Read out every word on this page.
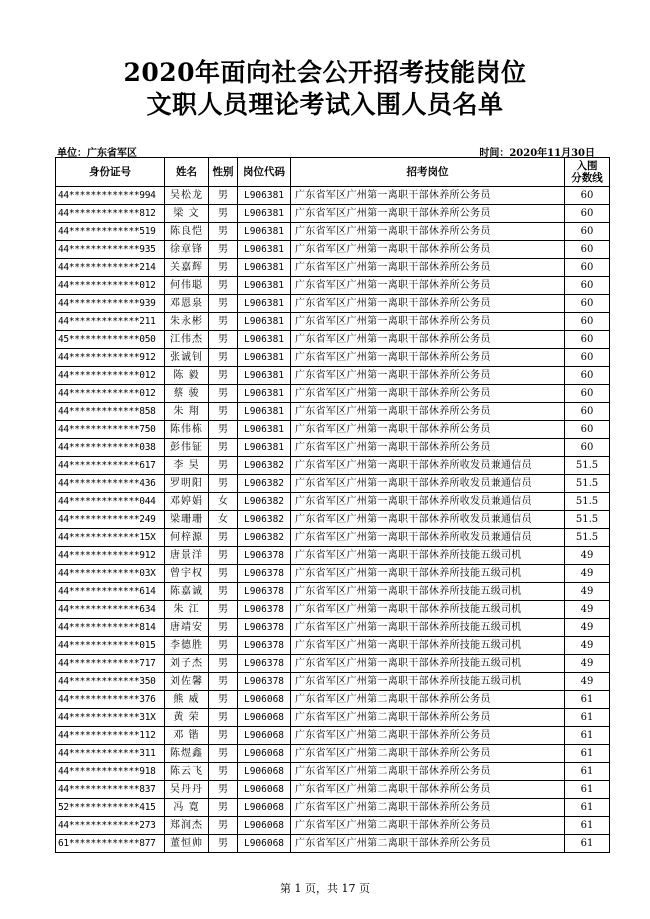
2020年面向社会公开招考技能岗位
文职人员理论考试入围人员名单
单位：广东省军区	时间：2020年11月30日
身份证号	姓名	性别	岗位代码	招考岗位	入围
分数线

44*************994	吴松龙	男	L906381	广东省军区广州第一离职干部休养所公务员	60
44*************812	梁 文	男	L906381	广东省军区广州第一离职干部休养所公务员	60
44*************519	陈良恺	男	L906381	广东省军区广州第一离职干部休养所公务员	60
44*************935	徐章锋	男	L906381	广东省军区广州第一离职干部休养所公务员	60
44*************214	关嘉辉	男	L906381	广东省军区广州第一离职干部休养所公务员	60
44*************012	何伟聪	男	L906381	广东省军区广州第一离职干部休养所公务员	60
44*************939	邓恩泉	男	L906381	广东省军区广州第一离职干部休养所公务员	60
44*************211	朱永彬	男	L906381	广东省军区广州第一离职干部休养所公务员	60
45*************050	江伟杰	男	L906381	广东省军区广州第一离职干部休养所公务员	60
44*************912	张诚钊	男	L906381	广东省军区广州第一离职干部休养所公务员	60
44*************012	陈 毅	男	L906381	广东省军区广州第一离职干部休养所公务员	60
44*************012	蔡 骏	男	L906381	广东省军区广州第一离职干部休养所公务员	60
44*************858	朱 翔	男	L906381	广东省军区广州第一离职干部休养所公务员	60
44*************750	陈伟栋	男	L906381	广东省军区广州第一离职干部休养所公务员	60
44*************038	彭伟钲	男	L906381	广东省军区广州第一离职干部休养所公务员	60
44*************617	李 昊	男	L906382	广东省军区广州第一离职干部休养所收发员兼通信员	51.5
44*************436	罗明阳	男	L906382	广东省军区广州第一离职干部休养所收发员兼通信员	51.5
44*************044	邓婷娟	女	L906382	广东省军区广州第一离职干部休养所收发员兼通信员	51.5
44*************249	梁珊珊	女	L906382	广东省军区广州第一离职干部休养所收发员兼通信员	51.5
44*************15X	何梓源	男	L906382	广东省军区广州第一离职干部休养所收发员兼通信员	51.5
44*************912	唐景洋	男	L906378	广东省军区广州第一离职干部休养所技能五级司机	49
44*************03X	曾宇权	男	L906378	广东省军区广州第一离职干部休养所技能五级司机	49
44*************614	陈嘉诚	男	L906378	广东省军区广州第一离职干部休养所技能五级司机	49
44*************634	朱 江	男	L906378	广东省军区广州第一离职干部休养所技能五级司机	49
44*************814	唐靖安	男	L906378	广东省军区广州第一离职干部休养所技能五级司机	49
44*************015	李德胜	男	L906378	广东省军区广州第一离职干部休养所技能五级司机	49
44*************717	刘子杰	男	L906378	广东省军区广州第一离职干部休养所技能五级司机	49
44*************350	刘佐馨	男	L906378	广东省军区广州第一离职干部休养所技能五级司机	49
44*************376	熊 威	男	L906068	广东省军区广州第二离职干部休养所公务员	61
44*************31X	黄 荣	男	L906068	广东省军区广州第二离职干部休养所公务员	61
44*************112	邓 锴	男	L906068	广东省军区广州第二离职干部休养所公务员	61
44*************311	陈煜鑫	男	L906068	广东省军区广州第二离职干部休养所公务员	61
44*************918	陈云飞	男	L906068	广东省军区广州第二离职干部休养所公务员	61
44*************837	吴丹丹	男	L906068	广东省军区广州第二离职干部休养所公务员	61
52*************415	冯 寛	男	L906068	广东省军区广州第二离职干部休养所公务员	61
44*************273	郑润杰	男	L906068	广东省军区广州第二离职干部休养所公务员	61
61*************877	董恒帅	男	L906068	广东省军区广州第二离职干部休养所公务员	61
第 1 页，共 17 页
